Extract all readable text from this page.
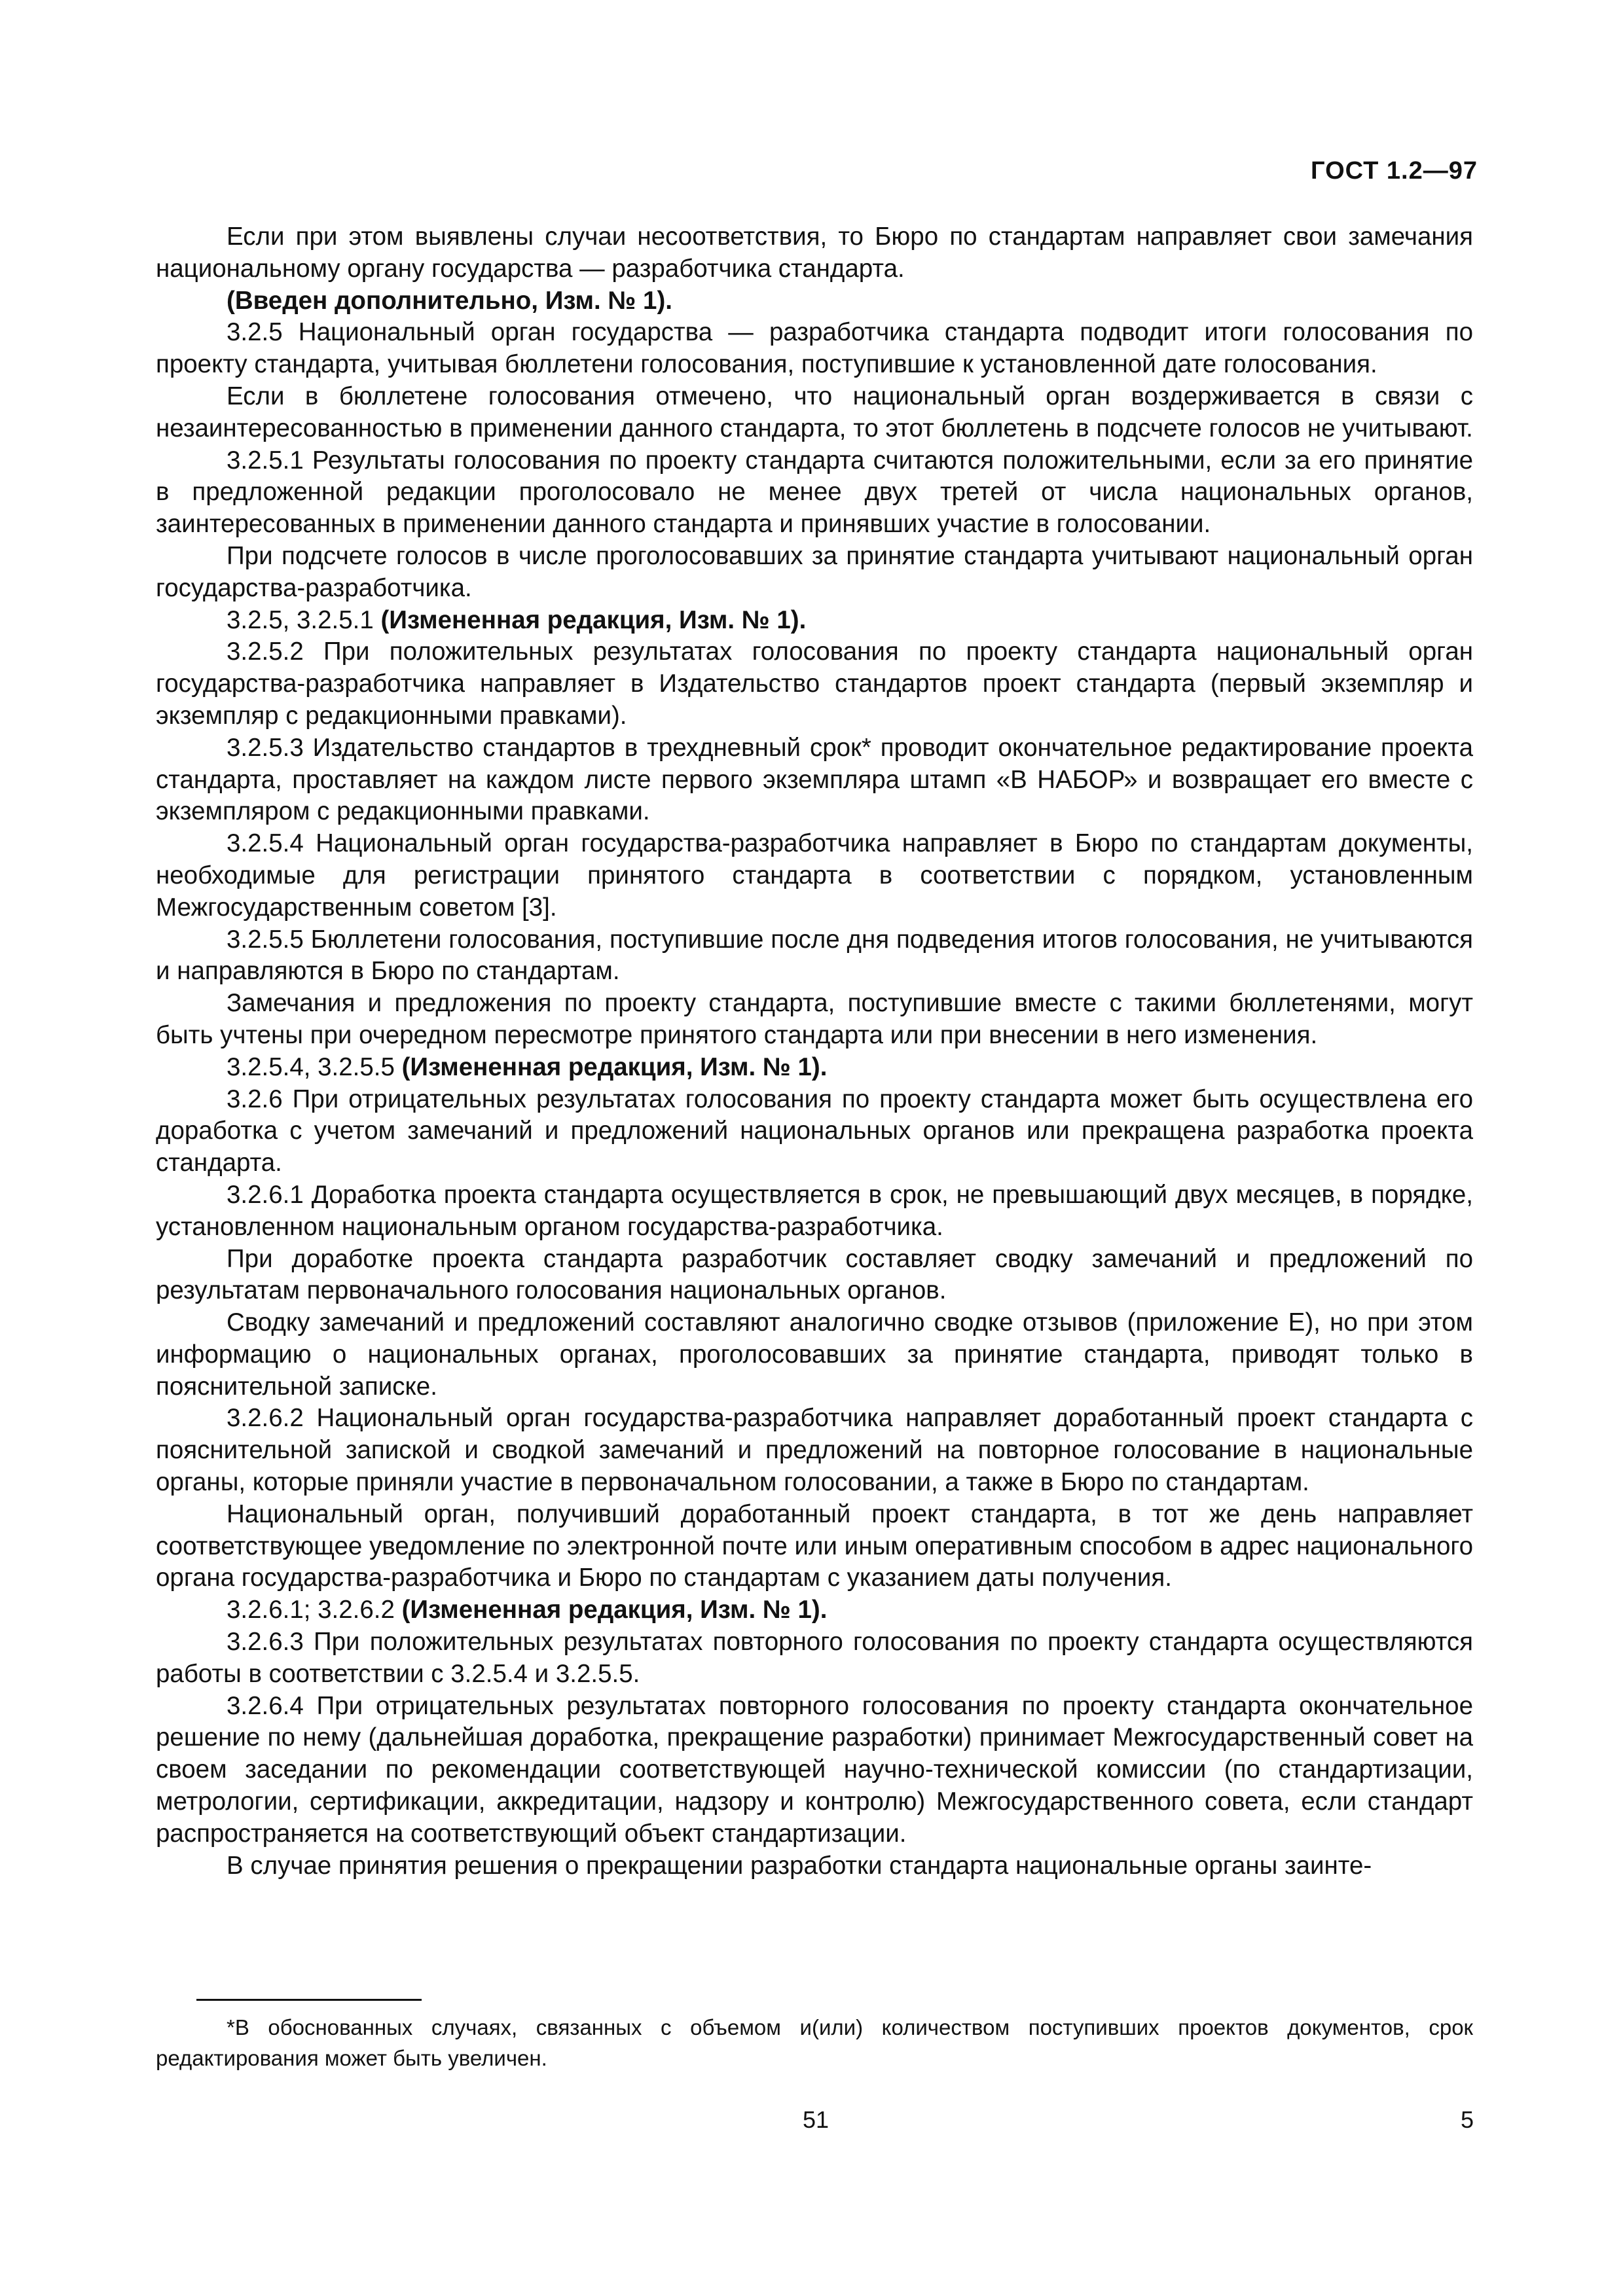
ГОСТ 1.2—97

Если при этом выявлены случаи несоответствия, то Бюро по стандартам направляет свои замечания национальному органу государства — разработчика стандарта.

(Введен дополнительно, Изм. № 1).

3.2.5 Национальный орган государства — разработчика стандарта подводит итоги голосования по проекту стандарта, учитывая бюллетени голосования, поступившие к установленной дате голосования.

Если в бюллетене голосования отмечено, что национальный орган воздерживается в связи с незаинтересованностью в применении данного стандарта, то этот бюллетень в подсчете голосов не учитывают.

3.2.5.1 Результаты голосования по проекту стандарта считаются положительными, если за его принятие в предложенной редакции проголосовало не менее двух третей от числа национальных органов, заинтересованных в применении данного стандарта и принявших участие в голосовании.

При подсчете голосов в числе проголосовавших за принятие стандарта учитывают национальный орган государства-разработчика.

3.2.5, 3.2.5.1 (Измененная редакция, Изм. № 1).

3.2.5.2 При положительных результатах голосования по проекту стандарта национальный орган государства-разработчика направляет в Издательство стандартов проект стандарта (первый экземпляр и экземпляр с редакционными правками).

3.2.5.3 Издательство стандартов в трехдневный срок* проводит окончательное редактирование проекта стандарта, проставляет на каждом листе первого экземпляра штамп «В НАБОР» и возвращает его вместе с экземпляром с редакционными правками.

3.2.5.4 Национальный орган государства-разработчика направляет в Бюро по стандартам документы, необходимые для регистрации принятого стандарта в соответствии с порядком, установленным Межгосударственным советом [3].

3.2.5.5 Бюллетени голосования, поступившие после дня подведения итогов голосования, не учитываются и направляются в Бюро по стандартам.

Замечания и предложения по проекту стандарта, поступившие вместе с такими бюллетенями, могут быть учтены при очередном пересмотре принятого стандарта или при внесении в него изменения.

3.2.5.4, 3.2.5.5 (Измененная редакция, Изм. № 1).

3.2.6 При отрицательных результатах голосования по проекту стандарта может быть осуществлена его доработка с учетом замечаний и предложений национальных органов или прекращена разработка проекта стандарта.

3.2.6.1 Доработка проекта стандарта осуществляется в срок, не превышающий двух месяцев, в порядке, установленном национальным органом государства-разработчика.

При доработке проекта стандарта разработчик составляет сводку замечаний и предложений по результатам первоначального голосования национальных органов.

Сводку замечаний и предложений составляют аналогично сводке отзывов (приложение Е), но при этом информацию о национальных органах, проголосовавших за принятие стандарта, приводят только в пояснительной записке.

3.2.6.2 Национальный орган государства-разработчика направляет доработанный проект стандарта с пояснительной запиской и сводкой замечаний и предложений на повторное голосование в национальные органы, которые приняли участие в первоначальном голосовании, а также в Бюро по стандартам.

Национальный орган, получивший доработанный проект стандарта, в тот же день направляет соответствующее уведомление по электронной почте или иным оперативным способом в адрес национального органа государства-разработчика и Бюро по стандартам с указанием даты получения.

3.2.6.1; 3.2.6.2 (Измененная редакция, Изм. № 1).

3.2.6.3 При положительных результатах повторного голосования по проекту стандарта осуществляются работы в соответствии с 3.2.5.4 и 3.2.5.5.

3.2.6.4 При отрицательных результатах повторного голосования по проекту стандарта окончательное решение по нему (дальнейшая доработка, прекращение разработки) принимает Межгосударственный совет на своем заседании по рекомендации соответствующей научно-технической комиссии (по стандартизации, метрологии, сертификации, аккредитации, надзору и контролю) Межгосударственного совета, если стандарт распространяется на соответствующий объект стандартизации.

В случае принятия решения о прекращении разработки стандарта национальные органы заинте-

*В обоснованных случаях, связанных с объемом и(или) количеством поступивших проектов документов, срок редактирования может быть увеличен.

51	5
